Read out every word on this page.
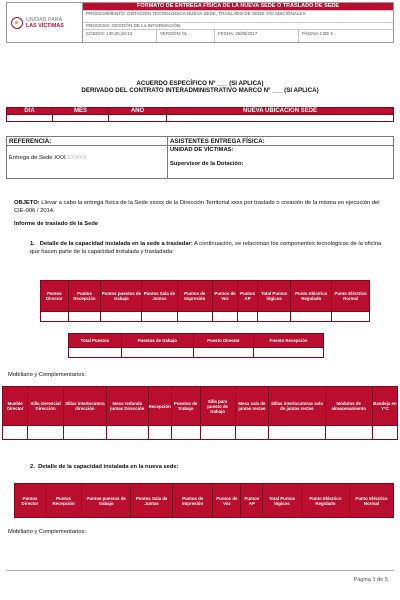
UNIDAD PARA
LAS VÍCTIMAS
FORMATO DE ENTREGA FÍSICA DE LA NUEVA SEDE O TRASLADO DE SEDE
PROCEDIMIENTO: DOTACIÓN TECNOLÓGICA NUEVA SEDE, TRASLADO DE SEDE Y/O ADICIONALES
PROCESO: GESTIÓN DE LA INFORMACIÓN
CÓDIGO: 130,06,15-13	VERSIÓN: 01	FECHA: 25/05/2017	PÁGINA 1 DE 5
ACUERDO ESPECÍFICO Nº ___ (SI APLICA)
DERIVADO DEL CONTRATO INTERADMINISTRATIVO MARCO Nº ___ (SI APLICA)
DÍA	MES	AÑO	NUEVA UBICACIÓN SEDE

REFERENCIA:
Entrega de Sede XXX XXXXX
ASISTENTES ENTREGA FÍSICA:
UNIDAD DE VÍCTIMAS:
Supervisor de la Dotación:
OBJETO: Llevar a cabo la entrega física de la Sede xxxxx de la Dirección Territorial xxxx por traslado o creación de la misma en ejecución del CIE-006 / 2014.
Informe de traslado de la Sede
1. Detalle de la capacidad instalada en la sede a trasladar: A continuación, se relacionan los componentes tecnológicos de la oficina que hacen parte de la capacidad instalada y trasladada:
Puntos Director	Puntos Recepción	Puntos puestos de trabajo	Puntos Sala de Juntas	Puntos de Impresión	Puntos de Voz	Puntos AP	Total Puntos lógicos	Punto Eléctrico Regulado	Punto Eléctrico Normal

Total Puestos	Puestos de trabajo	Puesto Director	Puesto Recepción

Mobiliario y Complementarios:
Mueble Director	Silla Gerencial Dirección	Sillas interlocutora dirección	Mesa redonda juntas Dirección	Recepción	Puestos de Trabajo	Silla para puesto de trabajo	Mesa sala de juntas rectas	Sillas interlocutoras sala de juntas rectas	Módulos de almacenamiento	Bandeja en Y°C

2. Detalle de la capacidad instalada en la nueva sede:
Puntos Director	Puntos Recepción	Puntos puestos de trabajo	Puntos Sala de Juntas	Puntos de Impresión	Puntos de Voz	Puntos AP	Total Puntos lógicos	Punto Eléctrico Regulado	Punto Eléctrico Normal
Mobiliario y Complementarios:
Página 1 de 5
